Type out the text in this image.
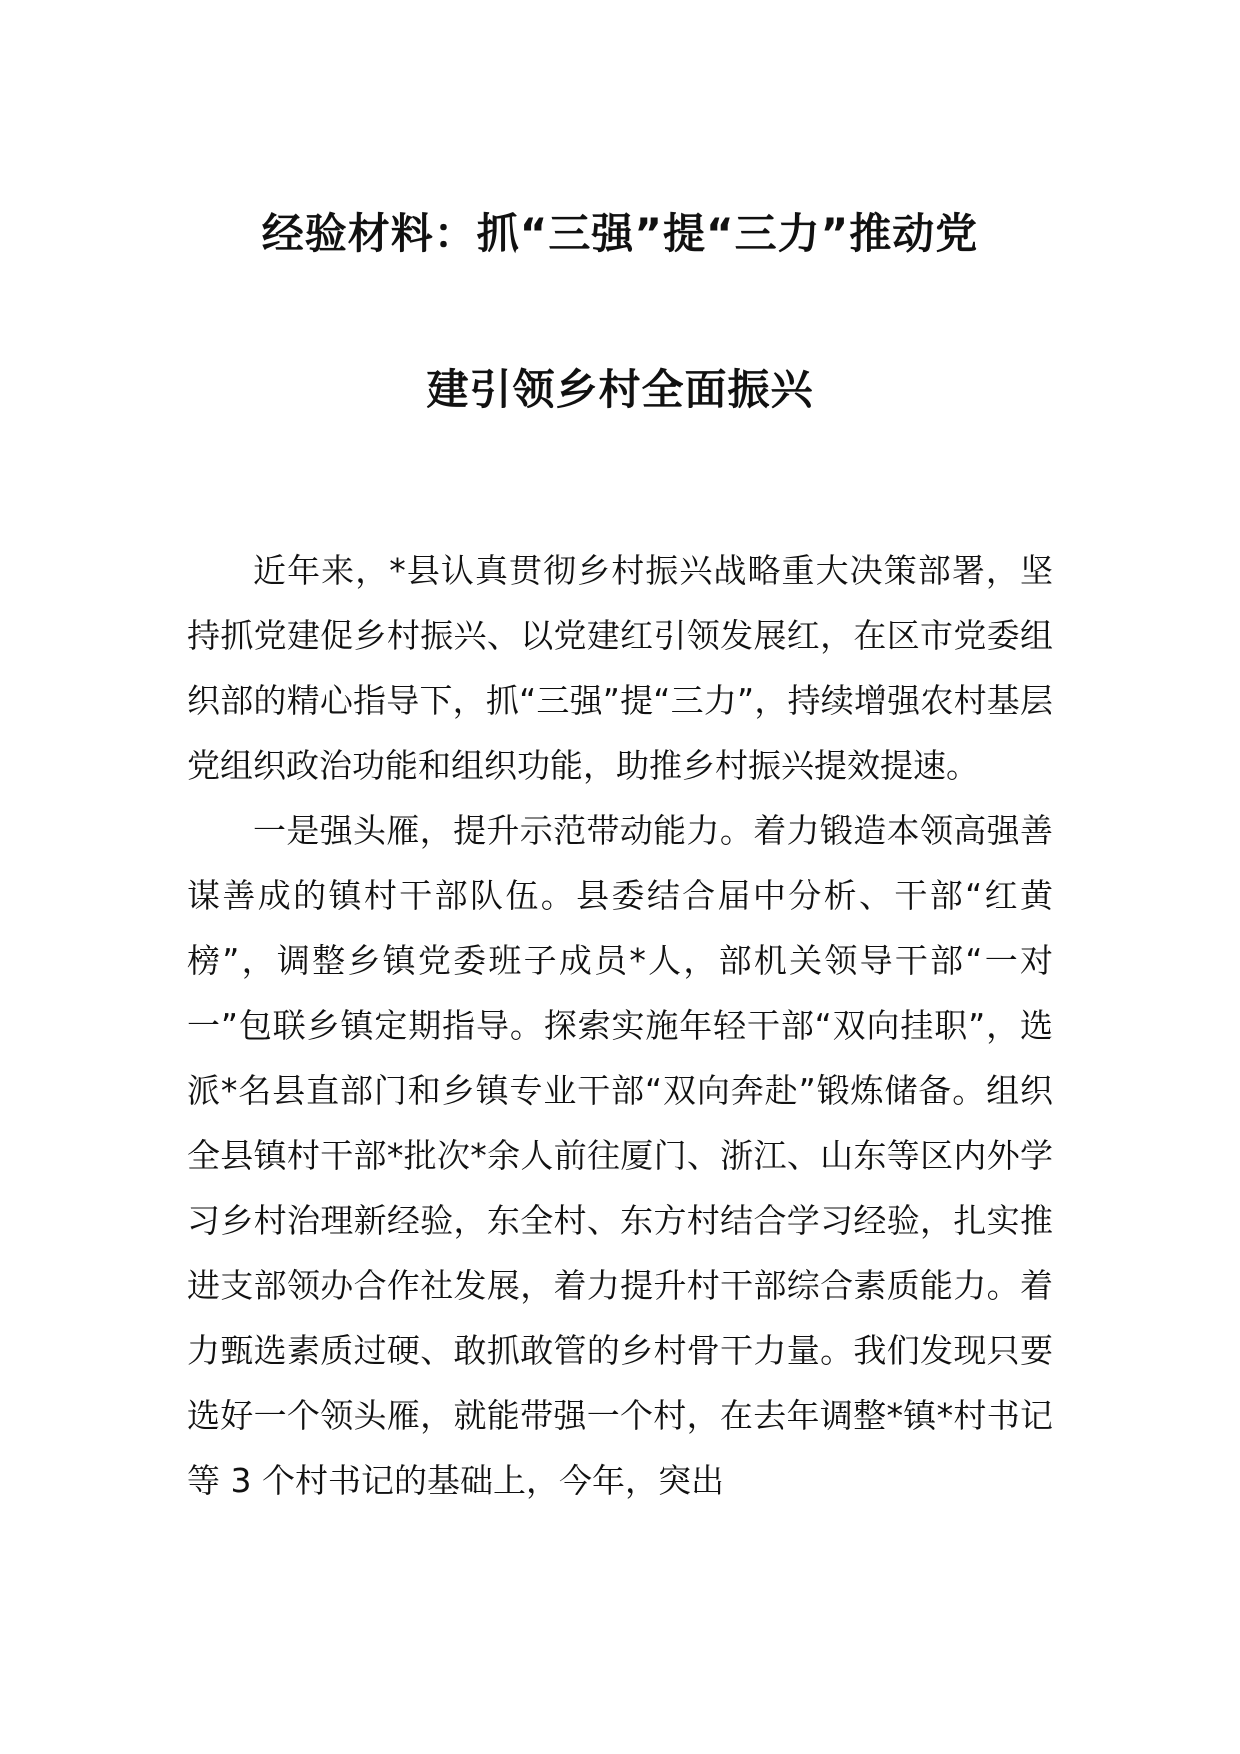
经验材料：抓“三强”提“三力”推动党
建引领乡村全面振兴

近年来，*县认真贯彻乡村振兴战略重大决策部署，坚持抓党建促乡村振兴、以党建红引领发展红，在区市党委组织部的精心指导下，抓“三强”提“三力”，持续增强农村基层党组织政治功能和组织功能，助推乡村振兴提效提速。

一是强头雁，提升示范带动能力。着力锻造本领高强善谋善成的镇村干部队伍。县委结合届中分析、干部“红黄榜”，调整乡镇党委班子成员*人，部机关领导干部“一对一”包联乡镇定期指导。探索实施年轻干部“双向挂职”，选派*名县直部门和乡镇专业干部“双向奔赴”锻炼储备。组织全县镇村干部*批次*余人前往厦门、浙江、山东等区内外学习乡村治理新经验，东全村、东方村结合学习经验，扎实推进支部领办合作社发展，着力提升村干部综合素质能力。着力甄选素质过硬、敢抓敢管的乡村骨干力量。我们发现只要选好一个领头雁，就能带强一个村，在去年调整*镇*村书记等 3 个村书记的基础上，今年，突出
